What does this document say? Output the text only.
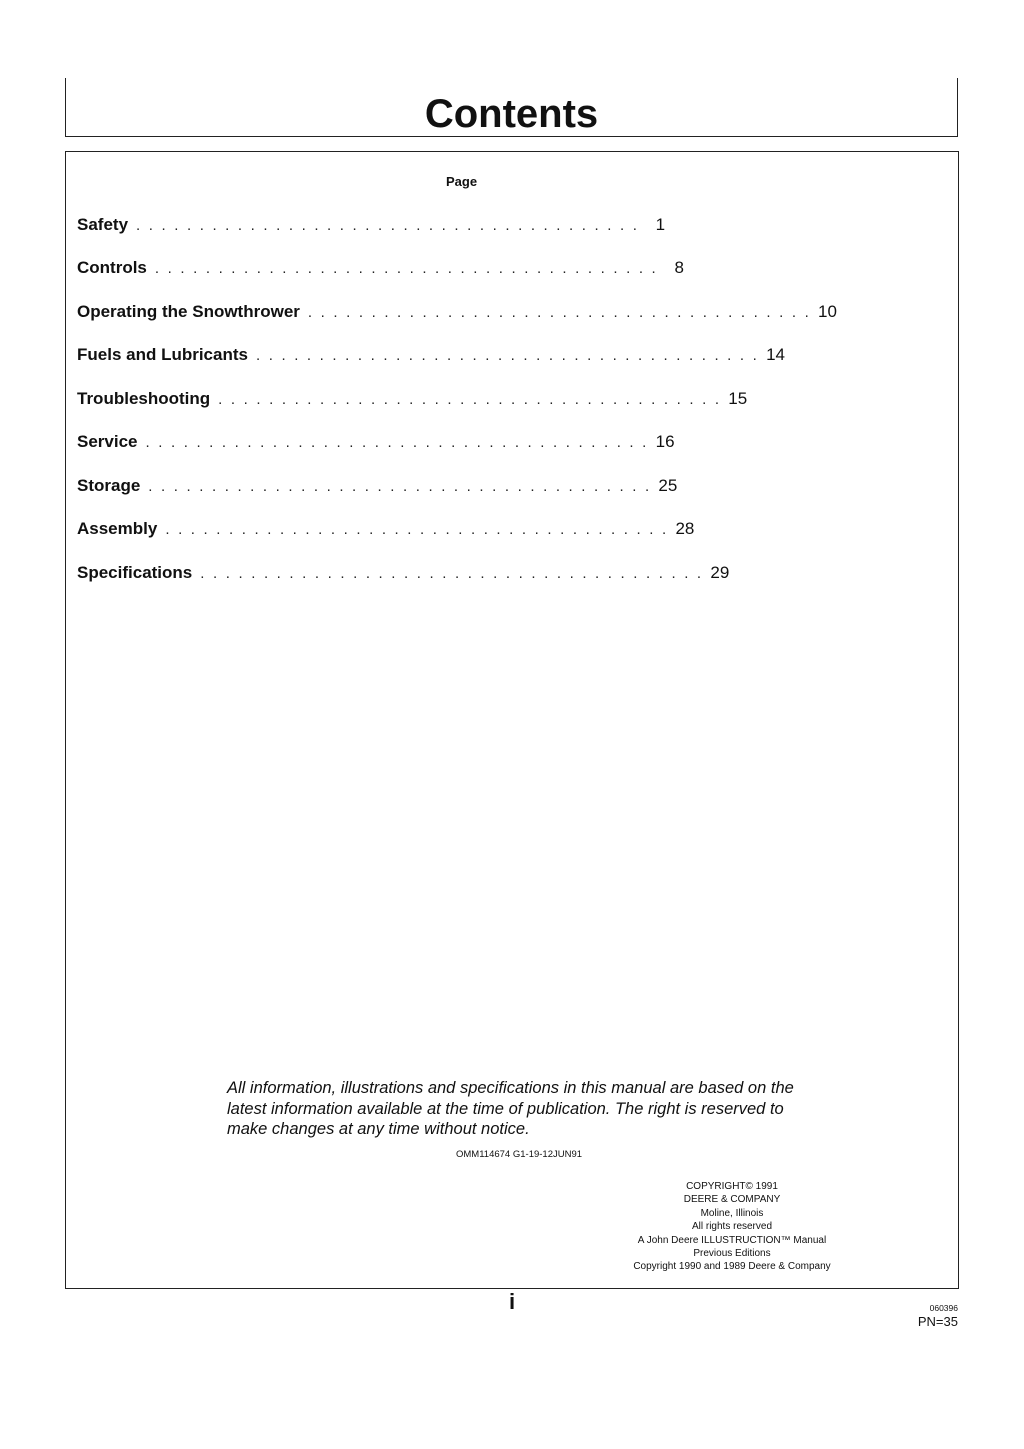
Contents
Page
Safety . . . . . . . . . . . . . . . . . . . . . . . . . . . . . . . . . . . . . . . . 1
Controls . . . . . . . . . . . . . . . . . . . . . . . . . . . . . . . . . . . . . . . . 8
Operating the Snowthrower . . . . . . . . . . . . . . . . . . . . . . . . . . . . . . . . . . . . . . . . 10
Fuels and Lubricants . . . . . . . . . . . . . . . . . . . . . . . . . . . . . . . . . . . . . . . . 14
Troubleshooting . . . . . . . . . . . . . . . . . . . . . . . . . . . . . . . . . . . . . . . . 15
Service . . . . . . . . . . . . . . . . . . . . . . . . . . . . . . . . . . . . . . . . 16
Storage . . . . . . . . . . . . . . . . . . . . . . . . . . . . . . . . . . . . . . . . 25
Assembly . . . . . . . . . . . . . . . . . . . . . . . . . . . . . . . . . . . . . . . . 28
Specifications . . . . . . . . . . . . . . . . . . . . . . . . . . . . . . . . . . . . . . . . 29

All information, illustrations and specifications in this manual are based on the latest information available at the time of publication. The right is reserved to make changes at any time without notice.

OMM114674 G1-19-12JUN91
COPYRIGHT© 1991
DEERE & COMPANY
Moline, Illinois
All rights reserved
A John Deere ILLUSTRUCTION™ Manual
Previous Editions
Copyright 1990 and 1989 Deere & Company
i	060396
PN=35
